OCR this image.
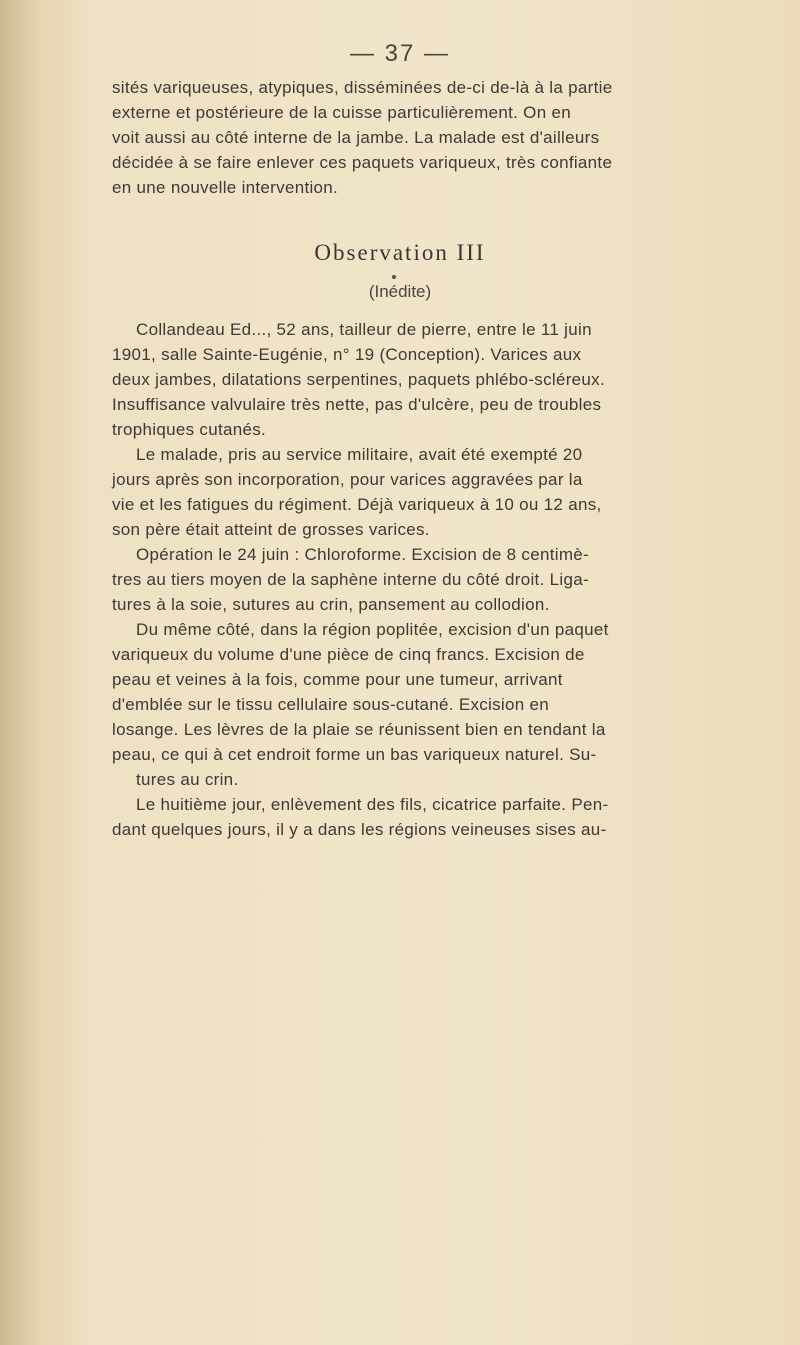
— 37 —
sités variqueuses, atypiques, disséminées de-ci de-là à la partie
externe et postérieure de la cuisse particulièrement. On en
voit aussi au côté interne de la jambe. La malade est d'ailleurs
décidée à se faire enlever ces paquets variqueux, très confiante
en une nouvelle intervention.
Observation III
(Inédite)
Collandeau Ed..., 52 ans, tailleur de pierre, entre le 11 juin
1901, salle Sainte-Eugénie, n° 19 (Conception). Varices aux
deux jambes, dilatations serpentines, paquets phlébo-scléreux.
Insuffisance valvulaire très nette, pas d'ulcère, peu de troubles
trophiques cutanés.
Le malade, pris au service militaire, avait été exempté 20
jours après son incorporation, pour varices aggravées par la
vie et les fatigues du régiment. Déjà variqueux à 10 ou 12 ans,
son père était atteint de grosses varices.
Opération le 24 juin : Chloroforme. Excision de 8 centimè-
tres au tiers moyen de la saphène interne du côté droit. Liga-
tures à la soie, sutures au crin, pansement au collodion.
Du même côté, dans la région poplitée, excision d'un paquet
variqueux du volume d'une pièce de cinq francs. Excision de
peau et veines à la fois, comme pour une tumeur, arrivant
d'emblée sur le tissu cellulaire sous-cutané. Excision en
losange. Les lèvres de la plaie se réunissent bien en tendant la
peau, ce qui à cet endroit forme un bas variqueux naturel. Su-
tures au crin.
Le huitième jour, enlèvement des fils, cicatrice parfaite. Pen-
dant quelques jours, il y a dans les régions veineuses sises au-
